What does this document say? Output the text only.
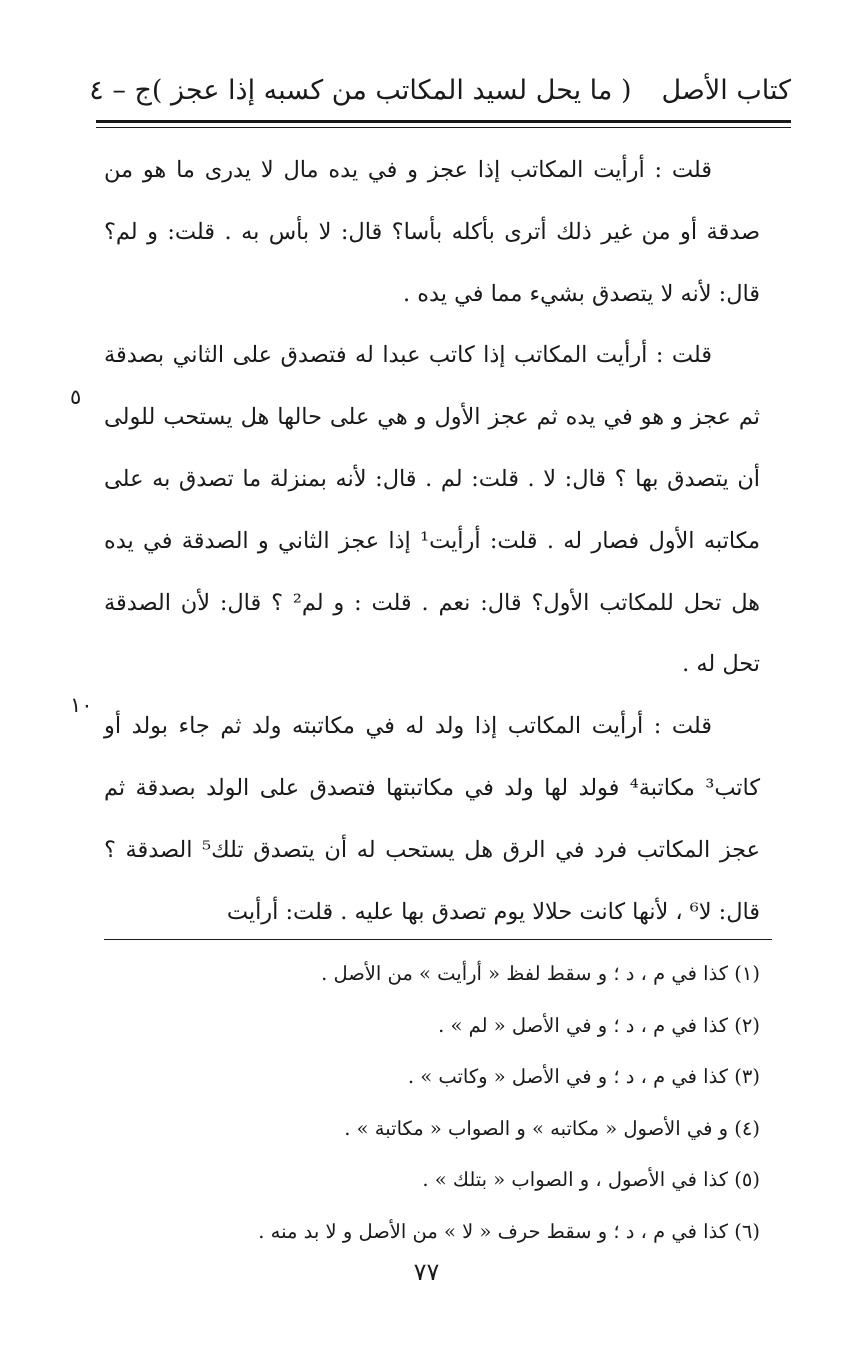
كتاب الأصل
( ما يحل لسيد المكاتب من كسبه إذا عجز )
ج – ٤

قلت : أرأيت المكاتب إذا عجز و في يده مال لا يدرى ما هو من صدقة أو من غير ذلك أترى بأكله بأسا؟ قال: لا بأس به . قلت: و لم؟ قال: لأنه لا يتصدق بشيء مما في يده .

قلت : أرأيت المكاتب إذا كاتب عبدا له فتصدق على الثاني بصدقة ثم عجز و هو في يده ثم عجز الأول و هي على حالها هل يستحب للولى أن يتصدق بها ؟ قال: لا . قلت: لم . قال: لأنه بمنزلة ما تصدق به على مكاتبه الأول فصار له . قلت: أرأيت¹ إذا عجز الثاني و الصدقة في يده هل تحل للمكاتب الأول؟ قال: نعم . قلت : و لم² ؟ قال: لأن الصدقة تحل له .

قلت : أرأيت المكاتب إذا ولد له في مكاتبته ولد ثم جاء بولد أو كاتب³ مكاتبة⁴ فولد لها ولد في مكاتبتها فتصدق على الولد بصدقة ثم عجز المكاتب فرد في الرق هل يستحب له أن يتصدق تلك⁵ الصدقة ؟ قال: لا⁶ ، لأنها كانت حلالا يوم تصدق بها عليه . قلت: أرأيت

٥
١٠
(١) كذا في م ، د ؛ و سقط لفظ « أرأيت » من الأصل .
(٢) كذا في م ، د ؛ و في الأصل « لم » .
(٣) كذا في م ، د ؛ و في الأصل « وكاتب » .
(٤) و في الأصول « مكاتبه » و الصواب « مكاتبة » .
(٥) كذا في الأصول ، و الصواب « بتلك » .
(٦) كذا في م ، د ؛ و سقط حرف « لا » من الأصل و لا بد منه .
٧٧
